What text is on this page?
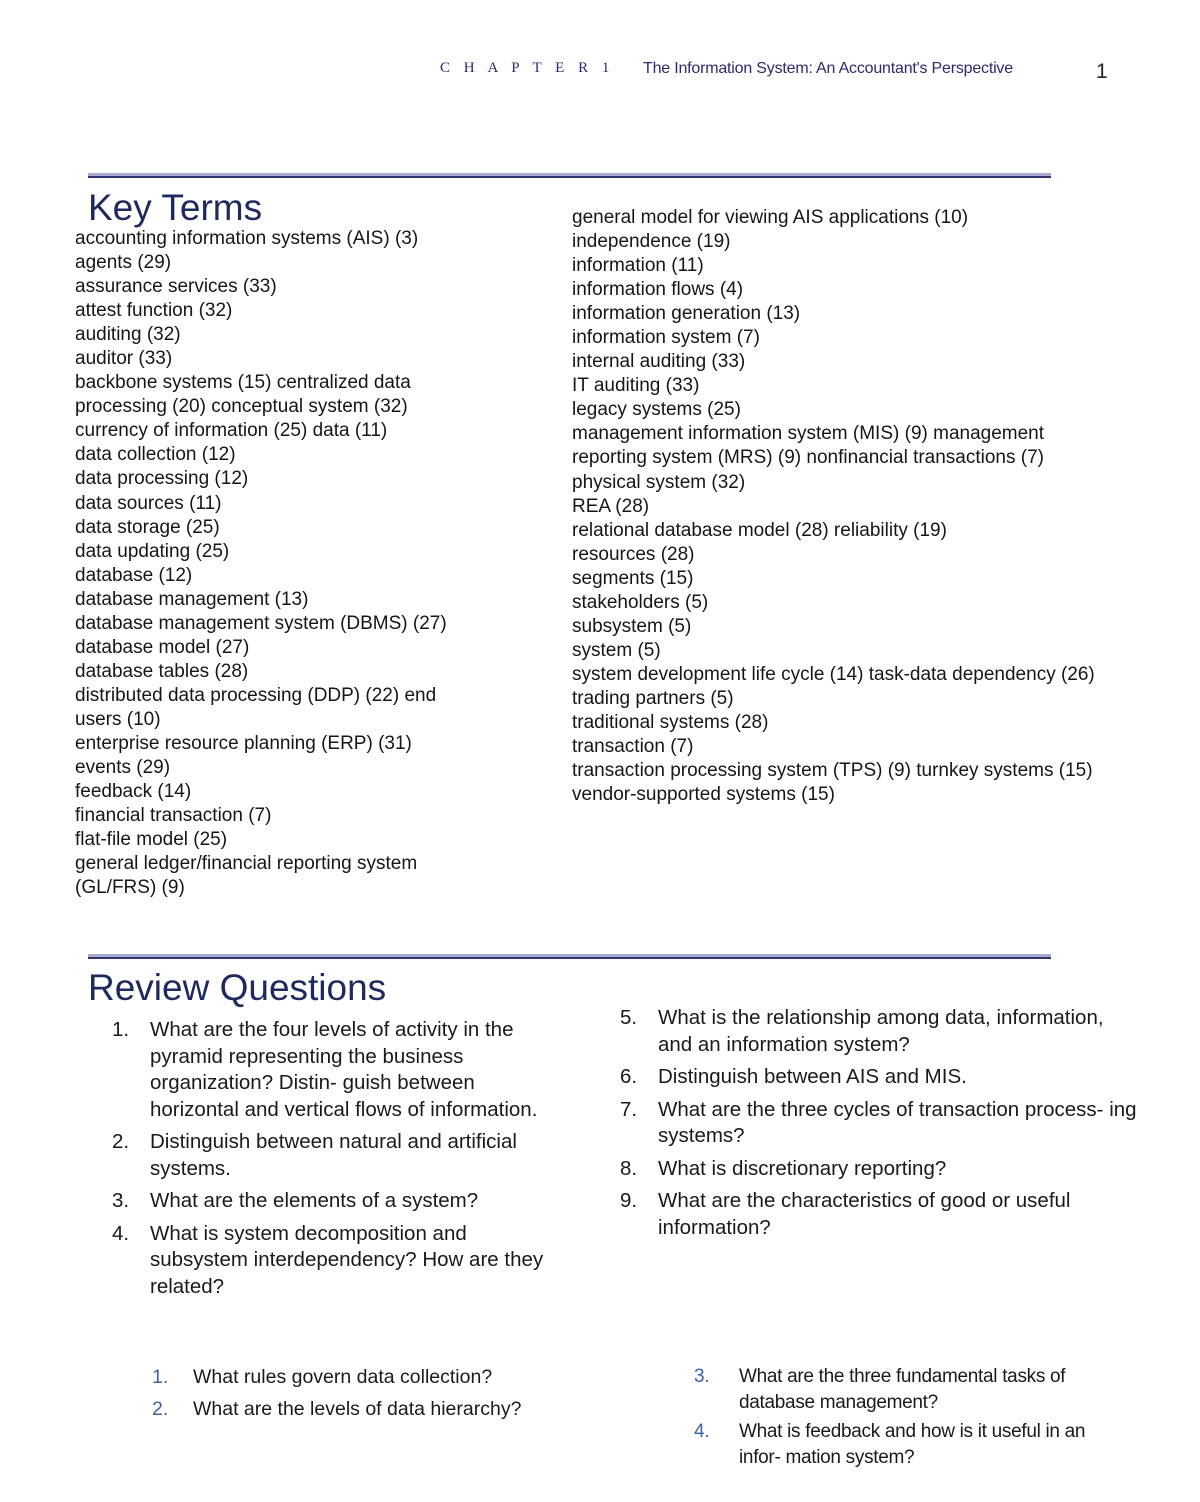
C H A P T E R 1 The Information System: An Accountant's Perspective	1
Key Terms
accounting information systems (AIS) (3)
agents (29)
assurance services (33)
attest function (32)
auditing (32)
auditor (33)
backbone systems (15) centralized data processing (20) conceptual system (32)
currency of information (25) data (11)
data collection (12)
data processing (12)
data sources (11)
data storage (25)
data updating (25)
database (12)
database management (13)
database management system (DBMS) (27)
database model (27)
database tables (28)
distributed data processing (DDP) (22) end users (10)
enterprise resource planning (ERP) (31)
events (29)
feedback (14)
financial transaction (7)
flat-file model (25)
general ledger/financial reporting system (GL/FRS) (9)
general model for viewing AIS applications (10)
independence (19)
information (11)
information flows (4)
information generation (13)
information system (7)
internal auditing (33)
IT auditing (33)
legacy systems (25)
management information system (MIS) (9) management reporting system (MRS) (9) nonfinancial transactions (7)
physical system (32)
REA (28)
relational database model (28) reliability (19)
resources (28)
segments (15)
stakeholders (5)
subsystem (5)
system (5)
system development life cycle (14) task-data dependency (26)
trading partners (5)
traditional systems (28)
transaction (7)
transaction processing system (TPS) (9) turnkey systems (15)
vendor-supported systems (15)
Review Questions
1. What are the four levels of activity in the pyramid representing the business organization? Distin- guish between horizontal and vertical flows of information.
2. Distinguish between natural and artificial systems.
3. What are the elements of a system?
4. What is system decomposition and subsystem interdependency? How are they related?
5. What is the relationship among data, information, and an information system?
6. Distinguish between AIS and MIS.
7. What are the three cycles of transaction process- ing systems?
8. What is discretionary reporting?
9. What are the characteristics of good or useful information?
1. What rules govern data collection?
2. What are the levels of data hierarchy?
3. What are the three fundamental tasks of database management?
4. What is feedback and how is it useful in an infor- mation system?
